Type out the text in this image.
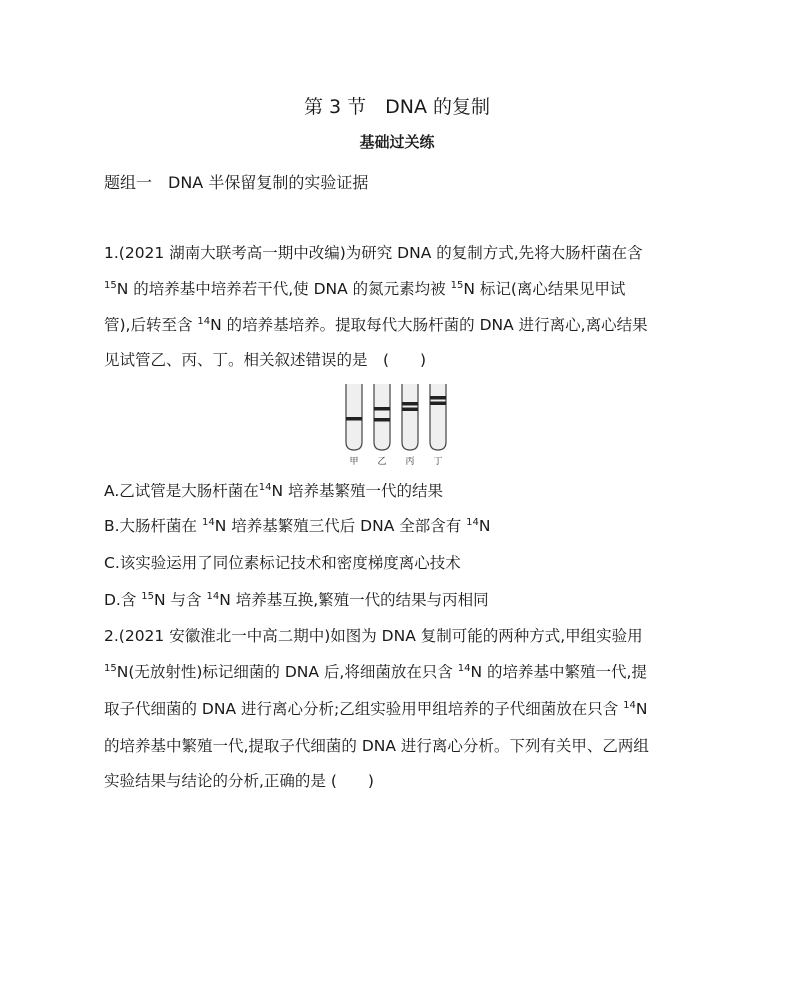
第 3 节　DNA 的复制
基础过关练
题组一　DNA 半保留复制的实验证据
1.(2021 湖南大联考高一期中改编)为研究 DNA 的复制方式,先将大肠杆菌在含
$^{15}$N 的培养基中培养若干代,使 DNA 的氮元素均被 $^{15}$N 标记(离心结果见甲试
管),后转至含 $^{14}$N 的培养基培养。提取每代大肠杆菌的 DNA 进行离心,离心结果
见试管乙、丙、丁。相关叙述错误的是　(　　)
甲 乙 丙 丁
A.乙试管是大肠杆菌在$^{14}$N 培养基繁殖一代的结果
B.大肠杆菌在 $^{14}$N 培养基繁殖三代后 DNA 全部含有 $^{14}$N
C.该实验运用了同位素标记技术和密度梯度离心技术
D.含 $^{15}$N 与含 $^{14}$N 培养基互换,繁殖一代的结果与丙相同
2.(2021 安徽淮北一中高二期中)如图为 DNA 复制可能的两种方式,甲组实验用
$^{15}$N(无放射性)标记细菌的 DNA 后,将细菌放在只含 $^{14}$N 的培养基中繁殖一代,提
取子代细菌的 DNA 进行离心分析;乙组实验用甲组培养的子代细菌放在只含 $^{14}$N
的培养基中繁殖一代,提取子代细菌的 DNA 进行离心分析。下列有关甲、乙两组
实验结果与结论的分析,正确的是 (　　)
